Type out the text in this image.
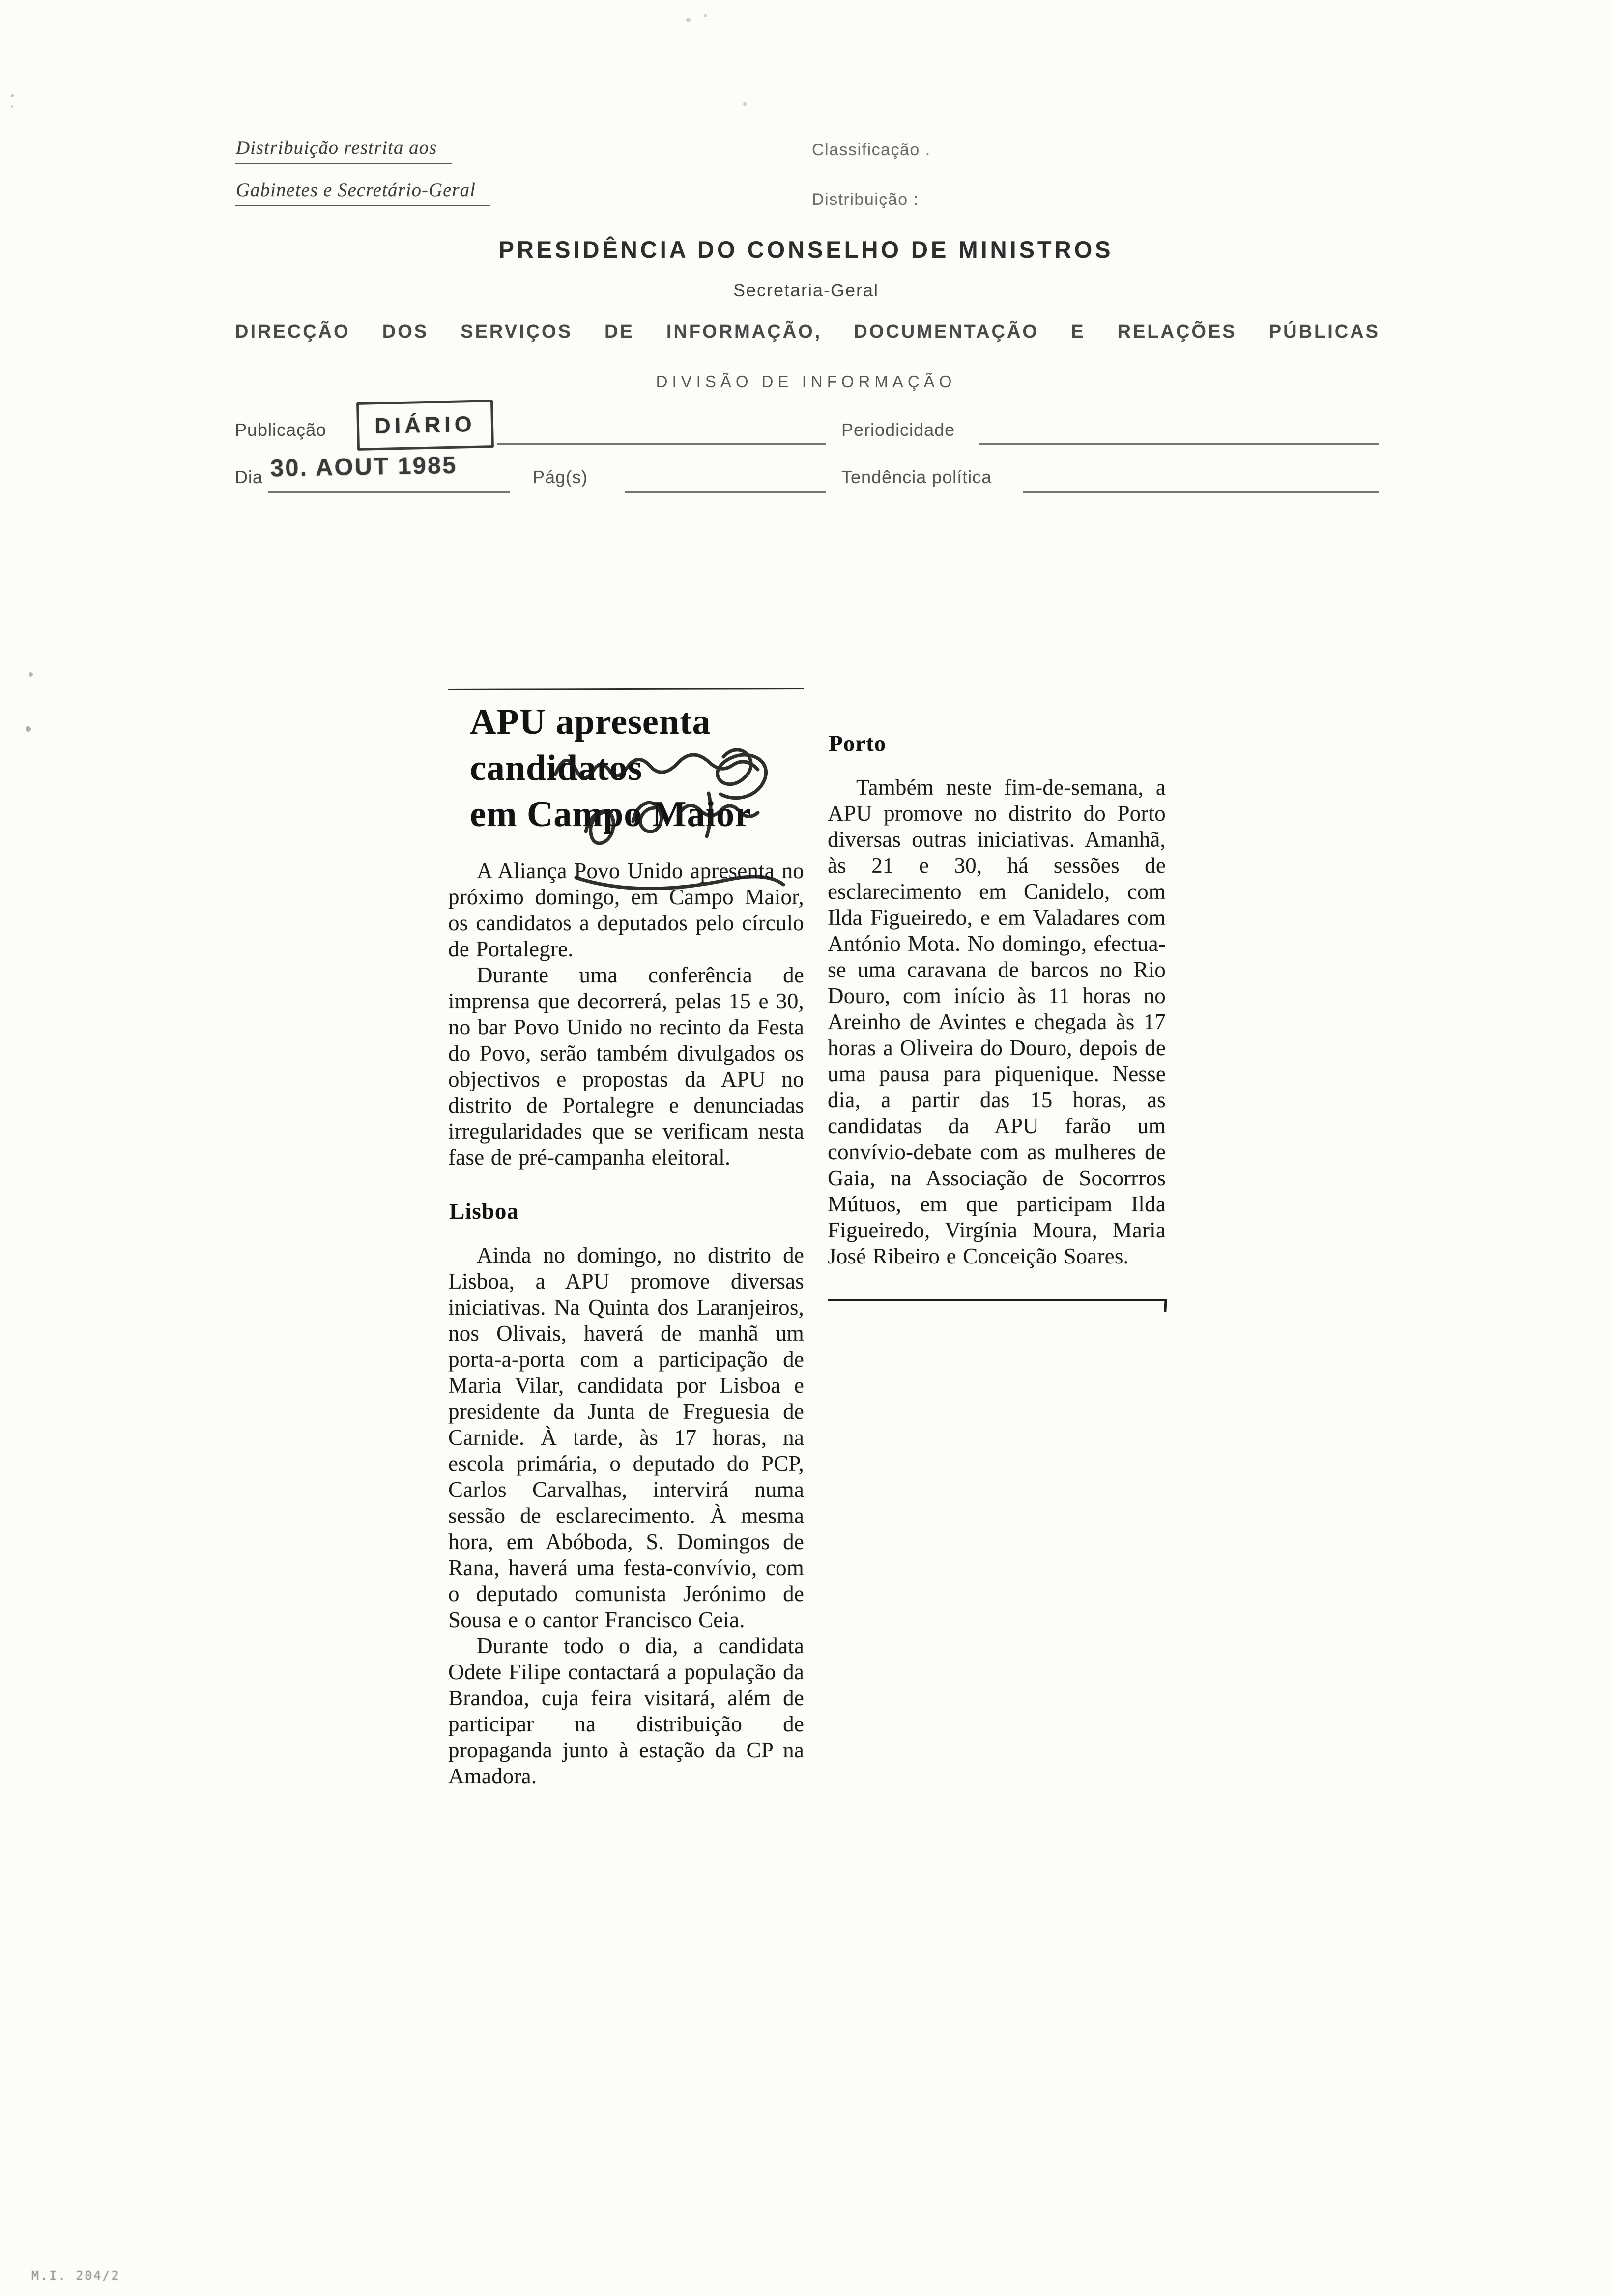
Distribuição restrita aos
Gabinetes e Secretário-Geral
Classificação .
Distribuição :
PRESIDÊNCIA DO CONSELHO DE MINISTROS
Secretaria-Geral
DIRECÇÃO DOS SERVIÇOS DE INFORMAÇÃO, DOCUMENTAÇÃO E RELAÇÕES PÚBLICAS
DIVISÃO DE INFORMAÇÃO
Publicação	DIÁRIO	Periodicidade
Dia 30. AOUT 1985	Pág(s)	Tendência política
APU apresenta
candidatos
em Campo Maior

A Aliança Povo Unido apresenta no próximo domingo, em Campo Maior, os candidatos a deputados pelo círculo de Portalegre.

Durante uma conferência de imprensa que decorrerá, pelas 15 e 30, no bar Povo Unido no recinto da Festa do Povo, serão também divulgados os objectivos e propostas da APU no distrito de Portalegre e denunciadas irregularidades que se verificam nesta fase de pré-campanha eleitoral.

Lisboa

Ainda no domingo, no distrito de Lisboa, a APU promove diversas iniciativas. Na Quinta dos Laranjeiros, nos Olivais, haverá de manhã um porta-a-porta com a participação de Maria Vilar, candidata por Lisboa e presidente da Junta de Freguesia de Carnide. À tarde, às 17 horas, na escola primária, o deputado do PCP, Carlos Carvalhas, intervirá numa sessão de esclarecimento. À mesma hora, em Abóboda, S. Domingos de Rana, haverá uma festa-convívio, com o deputado comunista Jerónimo de Sousa e o cantor Francisco Ceia.

Durante todo o dia, a candidata Odete Filipe contactará a população da Brandoa, cuja feira visitará, além de participar na distribuição de propaganda junto à estação da CP na Amadora.

Porto

Também neste fim-de-semana, a APU promove no distrito do Porto diversas outras iniciativas. Amanhã, às 21 e 30, há sessões de esclarecimento em Canidelo, com Ilda Figueiredo, e em Valadares com António Mota. No domingo, efectua-se uma caravana de barcos no Rio Douro, com início às 11 horas no Areinho de Avintes e chegada às 17 horas a Oliveira do Douro, depois de uma pausa para piquenique. Nesse dia, a partir das 15 horas, as candidatas da APU farão um convívio-debate com as mulheres de Gaia, na Associação de Socorrros Mútuos, em que participam Ilda Figueiredo, Virgínia Moura, Maria José Ribeiro e Conceição Soares.

M.I. 204/2
